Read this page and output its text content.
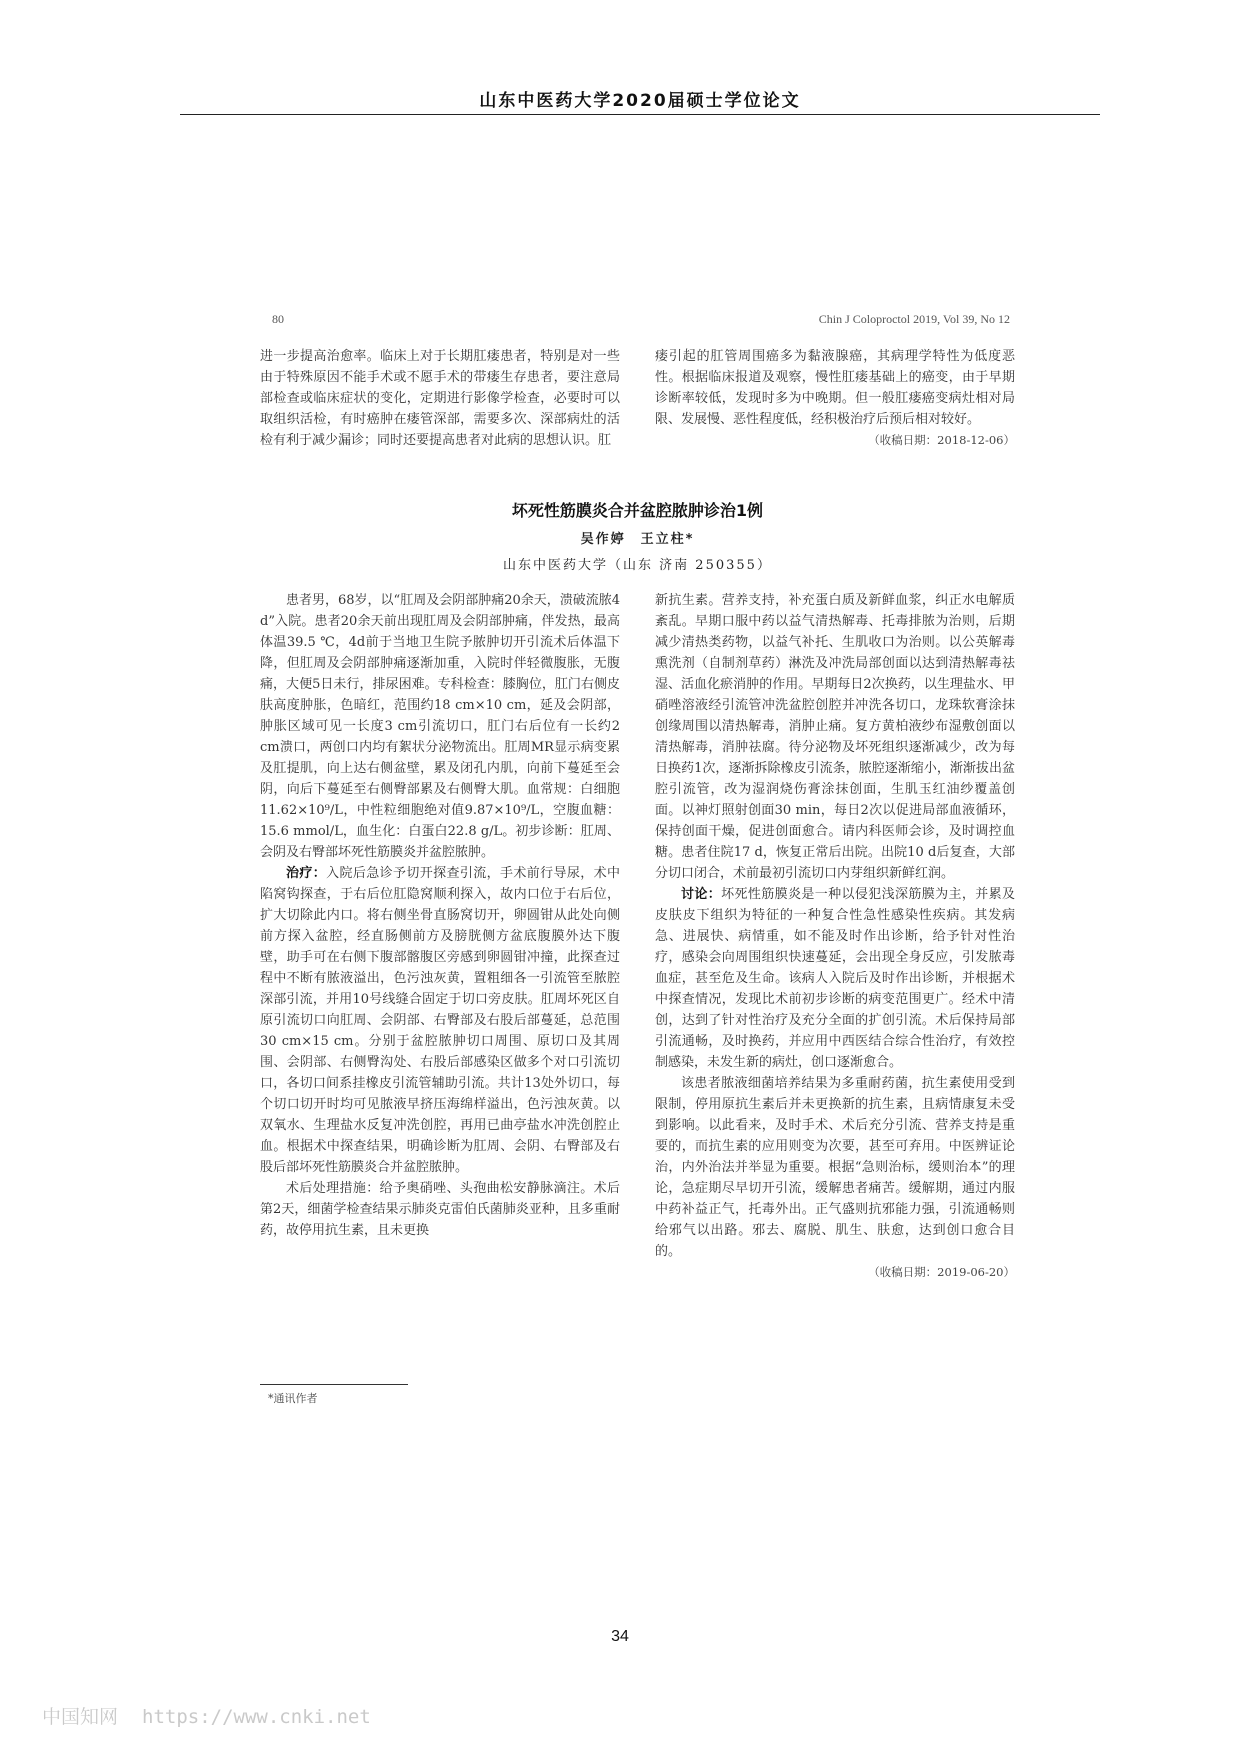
山东中医药大学2020届硕士学位论文
80	Chin J Coloproctol 2019, Vol 39, No 12

进一步提高治愈率。临床上对于长期肛瘘患者，特别是对一些由于特殊原因不能手术或不愿手术的带瘘生存患者，要注意局部检查或临床症状的变化，定期进行影像学检查，必要时可以取组织活检，有时癌肿在瘘管深部，需要多次、深部病灶的活检有利于减少漏诊；同时还要提高患者对此病的思想认识。肛

瘘引起的肛管周围癌多为黏液腺癌，其病理学特性为低度恶性。根据临床报道及观察，慢性肛瘘基础上的癌变，由于早期诊断率较低，发现时多为中晚期。但一般肛瘘癌变病灶相对局限、发展慢、恶性程度低，经积极治疗后预后相对较好。

（收稿日期：2018-12-06）
坏死性筋膜炎合并盆腔脓肿诊治1例
吴作婷　王立柱*
山东中医药大学（山东 济南 250355）

患者男，68岁，以“肛周及会阴部肿痛20余天，溃破流脓4 d”入院。患者20余天前出现肛周及会阴部肿痛，伴发热，最高体温39.5 ℃，4d前于当地卫生院予脓肿切开引流术后体温下降，但肛周及会阴部肿痛逐渐加重，入院时伴轻微腹胀，无腹痛，大便5日未行，排尿困难。专科检查：膝胸位，肛门右侧皮肤高度肿胀，色暗红，范围约18 cm×10 cm，延及会阴部，肿胀区域可见一长度3 cm引流切口，肛门右后位有一长约2 cm溃口，两创口内均有絮状分泌物流出。肛周MR显示病变累及肛提肌，向上达右侧盆壁，累及闭孔内肌，向前下蔓延至会阴，向后下蔓延至右侧臀部累及右侧臀大肌。血常规：白细胞11.62×10⁹/L，中性粒细胞绝对值9.87×10⁹/L，空腹血糖：15.6 mmol/L，血生化：白蛋白22.8 g/L。初步诊断：肛周、会阴及右臀部坏死性筋膜炎并盆腔脓肿。

治疗：入院后急诊予切开探查引流，手术前行导尿，术中陷窝钩探查，于右后位肛隐窝顺利探入，故内口位于右后位，扩大切除此内口。将右侧坐骨直肠窝切开，卵圆钳从此处向侧前方探入盆腔，经直肠侧前方及膀胱侧方盆底腹膜外达下腹壁，助手可在右侧下腹部髂腹区旁感到卵圆钳冲撞，此探查过程中不断有脓液溢出，色污浊灰黄，置粗细各一引流管至脓腔深部引流，并用10号线缝合固定于切口旁皮肤。肛周坏死区自原引流切口向肛周、会阴部、右臀部及右股后部蔓延，总范围30 cm×15 cm。分别于盆腔脓肿切口周围、原切口及其周围、会阴部、右侧臀沟处、右股后部感染区做多个对口引流切口，各切口间系挂橡皮引流管辅助引流。共计13处外切口，每个切口切开时均可见脓液早挤压海绵样溢出，色污浊灰黄。以双氧水、生理盐水反复冲洗创腔，再用已曲亭盐水冲洗创腔止血。根据术中探查结果，明确诊断为肛周、会阴、右臀部及右股后部坏死性筋膜炎合并盆腔脓肿。

术后处理措施：给予奥硝唑、头孢曲松安静脉滴注。术后第2天，细菌学检查结果示肺炎克雷伯氏菌肺炎亚种，且多重耐药，故停用抗生素，且未更换

新抗生素。营养支持，补充蛋白质及新鲜血浆，纠正水电解质紊乱。早期口服中药以益气清热解毒、托毒排脓为治则，后期减少清热类药物，以益气补托、生肌收口为治则。以公英解毒熏洗剂（自制剂草药）淋洗及冲洗局部创面以达到清热解毒祛湿、活血化瘀消肿的作用。早期每日2次换药，以生理盐水、甲硝唑溶液经引流管冲洗盆腔创腔并冲洗各切口，龙珠软膏涂抹创缘周围以清热解毒，消肿止痛。复方黄柏液纱布湿敷创面以清热解毒，消肿祛腐。待分泌物及坏死组织逐渐减少，改为每日换药1次，逐渐拆除橡皮引流条，脓腔逐渐缩小，渐渐拔出盆腔引流管，改为湿润烧伤膏涂抹创面，生肌玉红油纱覆盖创面。以神灯照射创面30 min，每日2次以促进局部血液循环，保持创面干燥，促进创面愈合。请内科医师会诊，及时调控血糖。患者住院17 d，恢复正常后出院。出院10 d后复查，大部分切口闭合，术前最初引流切口内芽组织新鲜红润。

讨论：坏死性筋膜炎是一种以侵犯浅深筋膜为主，并累及皮肤皮下组织为特征的一种复合性急性感染性疾病。其发病急、进展快、病情重，如不能及时作出诊断，给予针对性治疗，感染会向周围组织快速蔓延，会出现全身反应，引发脓毒血症，甚至危及生命。该病人入院后及时作出诊断，并根据术中探查情况，发现比术前初步诊断的病变范围更广。经术中清创，达到了针对性治疗及充分全面的扩创引流。术后保持局部引流通畅，及时换药，并应用中西医结合综合性治疗，有效控制感染，未发生新的病灶，创口逐渐愈合。

该患者脓液细菌培养结果为多重耐药菌，抗生素使用受到限制，停用原抗生素后并未更换新的抗生素，且病情康复未受到影响。以此看来，及时手术、术后充分引流、营养支持是重要的，而抗生素的应用则变为次要，甚至可弃用。中医辨证论治，内外治法并举显为重要。根据“急则治标，缓则治本”的理论，急症期尽早切开引流，缓解患者痛苦。缓解期，通过内服中药补益正气，托毒外出。正气盛则抗邪能力强，引流通畅则给邪气以出路。邪去、腐脱、肌生、肤愈，达到创口愈合目的。

（收稿日期：2019-06-20）
*通讯作者
34
中国知网 https://www.cnki.net
